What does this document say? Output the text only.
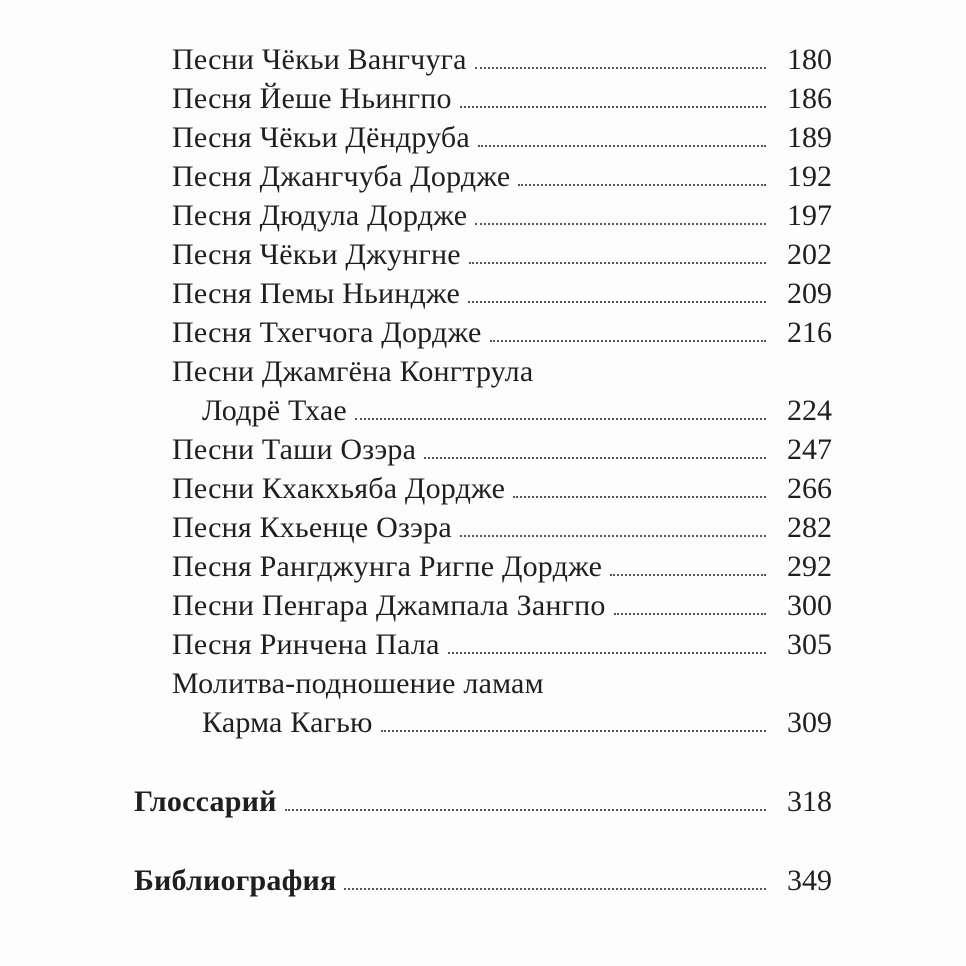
Песни Чёкьи Вангчуга	180
Песня Йеше Ньингпо	186
Песня Чёкьи Дёндруба	189
Песня Джангчуба Дордже	192
Песня Дюдула Дордже	197
Песня Чёкьи Джунгне	202
Песня Пемы Ньиндже	209
Песня Тхегчога Дордже	216
Песни Джамгёна Конгтрула
Лодрё Тхае	224
Песни Таши Озэра	247
Песни Кхакхьяба Дордже	266
Песня Кхьенце Озэра	282
Песня Рангджунга Ригпе Дордже	292
Песни Пенгара Джампала Зангпо	300
Песня Ринчена Пала	305
Молитва-подношение ламам
Карма Кагью	309
Глоссарий	318
Библиография	349
